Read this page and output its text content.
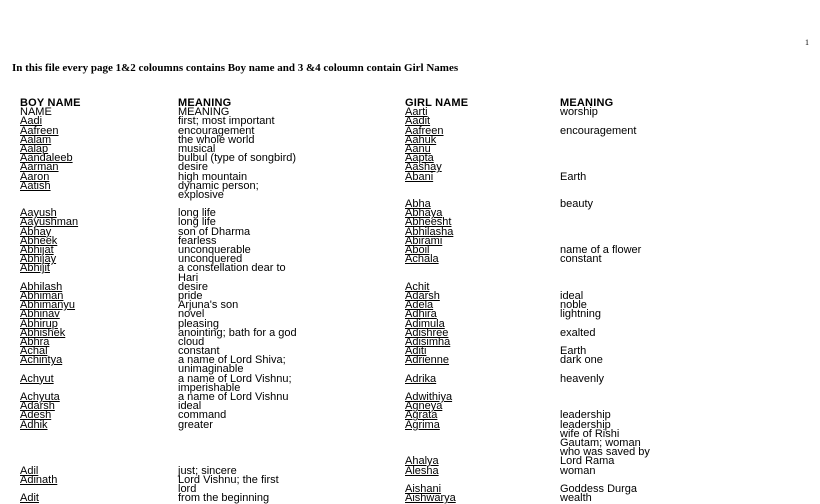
1
In this file every page 1&2 coloumns contains Boy name and 3 &4 coloumn contain Girl Names
BOY NAME
NAME
Aadi
Aafreen
Aalam
Aalap
Aandaleeb
Aarman
Aaron
Aatish
Aayush
Aayushman
Abhay
Abheek
Abhijat
Abhijay
Abhijit
Abhilash
Abhiman
Abhimanyu
Abhinav
Abhirup
Abhishek
Abhra
Achal
Achintya
Achyut
Achyuta
Adarsh
Adesh
Adhik
Adil
Adinath
Adit
MEANING
MEANING
first; most important
encouragement
the whole world
musical
bulbul (type of songbird)
desire
high mountain
dynamic person;
explosive
long life
long life
son of Dharma
fearless
unconquerable
unconquered
a constellation dear to
Hari
desire
pride
Arjuna's son
novel
pleasing
anointing; bath for a god
cloud
constant
a name of Lord Shiva;
unimaginable
a name of Lord Vishnu;
imperishable
a name of Lord Vishnu
ideal
command
greater
just; sincere
Lord Vishnu; the first
lord
from the beginning
GIRL NAME
Aarti
Aadit
Aafreen
Aahuk
Aanu
Aapta
Aashay
Abani
Abha
Abhaya
Abheesht
Abhilasha
Abirami
Aboil
Achala
Achit
Adarsh
Adela
Adhira
Adimula
Adishree
Adisimha
Aditi
Adrienne
Adrika
Adwithiya
Agneya
Agrata
Agrima
Ahalya
Alesha
Aishani
Aishwarya
MEANING
worship
encouragement
Earth
beauty
name of a flower
constant
ideal
noble
lightning
exalted
Earth
dark one
heavenly
leadership
leadership
wife of Rishi
Gautam; woman
who was saved by
Lord Rama
woman
Goddess Durga
wealth
